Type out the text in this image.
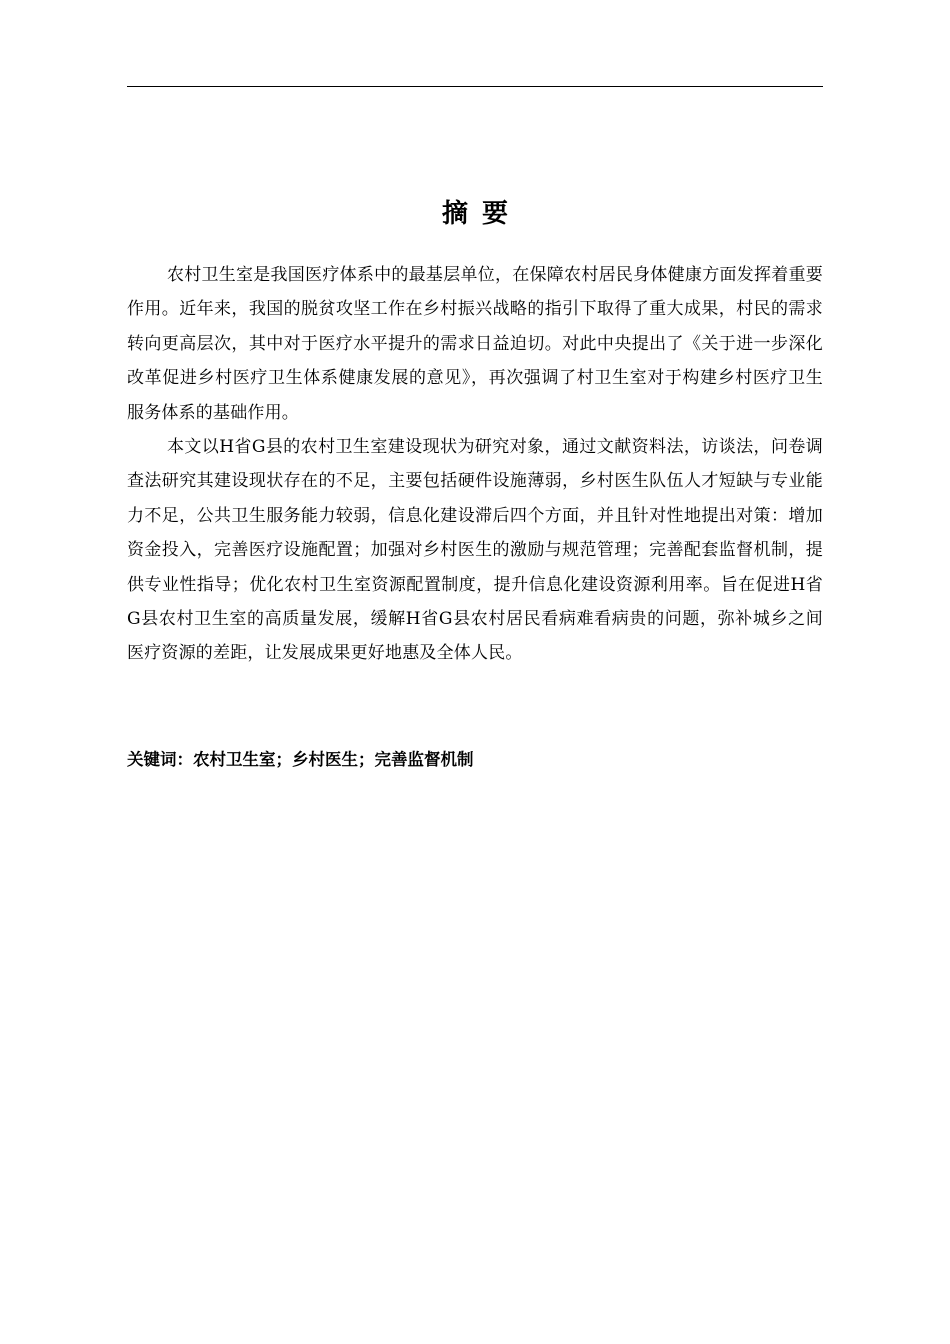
摘要

农村卫生室是我国医疗体系中的最基层单位，在保障农村居民身体健康方面发挥着重要作用。近年来，我国的脱贫攻坚工作在乡村振兴战略的指引下取得了重大成果，村民的需求转向更高层次，其中对于医疗水平提升的需求日益迫切。对此中央提出了《关于进一步深化改革促进乡村医疗卫生体系健康发展的意见》，再次强调了村卫生室对于构建乡村医疗卫生服务体系的基础作用。

本文以H省G县的农村卫生室建设现状为研究对象，通过文献资料法，访谈法，问卷调查法研究其建设现状存在的不足，主要包括硬件设施薄弱，乡村医生队伍人才短缺与专业能力不足，公共卫生服务能力较弱，信息化建设滞后四个方面，并且针对性地提出对策：增加资金投入，完善医疗设施配置；加强对乡村医生的激励与规范管理；完善配套监督机制，提供专业性指导；优化农村卫生室资源配置制度，提升信息化建设资源利用率。旨在促进H省G县农村卫生室的高质量发展，缓解H省G县农村居民看病难看病贵的问题，弥补城乡之间医疗资源的差距，让发展成果更好地惠及全体人民。

关键词：农村卫生室；乡村医生；完善监督机制
